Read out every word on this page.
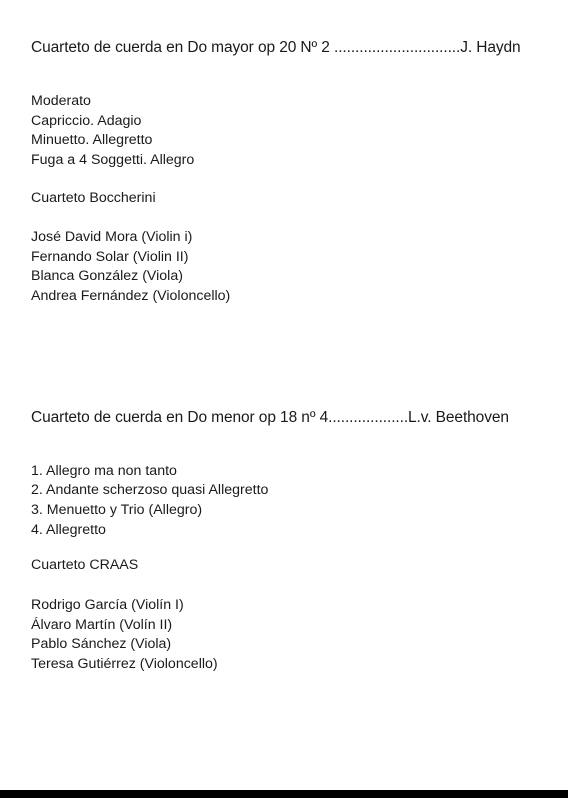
Cuarteto de cuerda en Do mayor op 20 Nº 2 ..............................J. Haydn
Moderato
Capriccio. Adagio
Minuetto. Allegretto
Fuga a 4 Soggetti. Allegro
Cuarteto Boccherini
José David Mora (Violin i)
Fernando Solar (Violin II)
Blanca González (Viola)
Andrea Fernández (Violoncello)
Cuarteto de cuerda en Do menor op 18 nº 4...................L.v. Beethoven
1. Allegro ma non tanto
2. Andante scherzoso quasi Allegretto
3. Menuetto y Trio (Allegro)
4. Allegretto
Cuarteto CRAAS
Rodrigo García (Violín I)
Álvaro Martín (Volín II)
Pablo Sánchez (Viola)
Teresa Gutiérrez (Violoncello)
